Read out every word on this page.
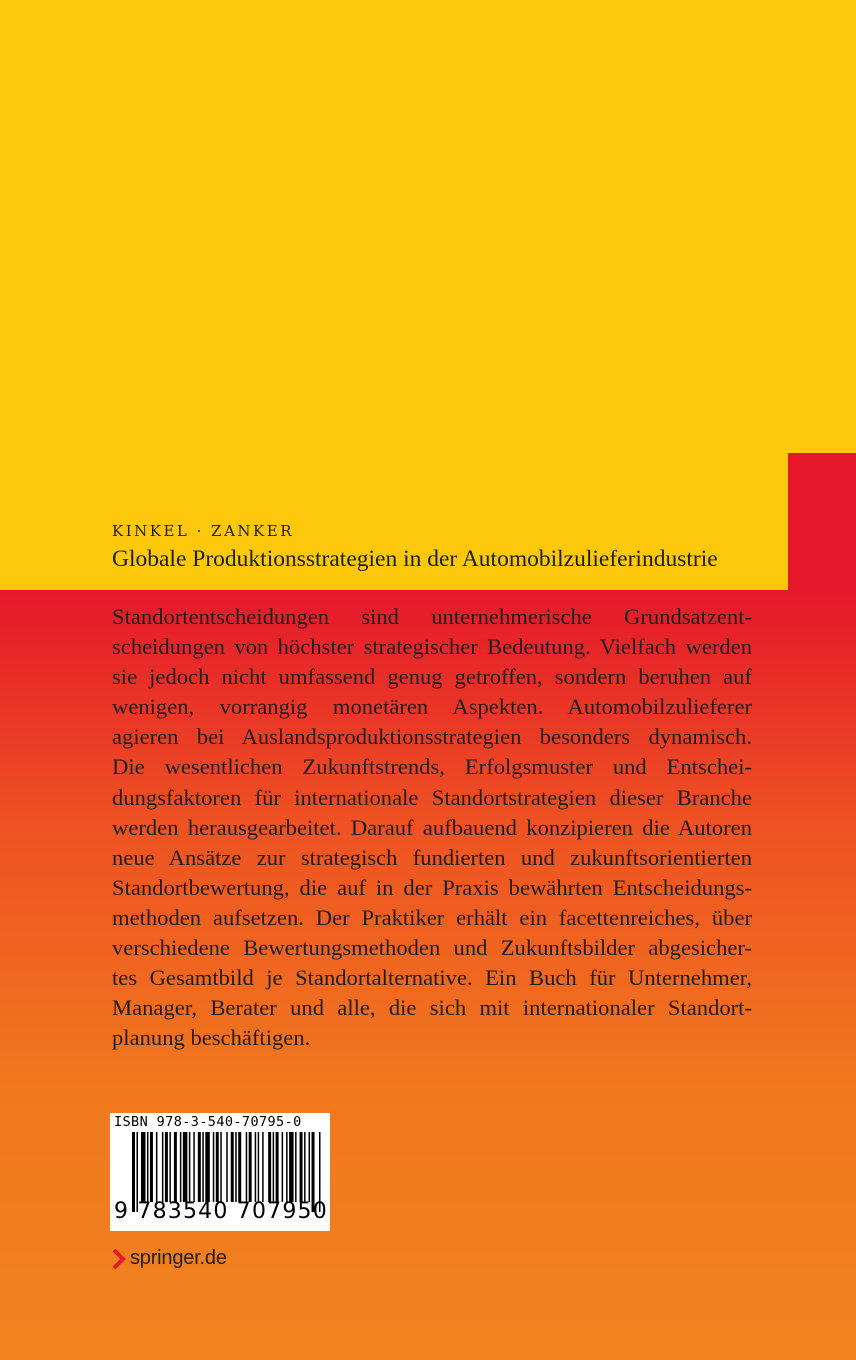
KINKEL · ZANKER
Globale Produktionsstrategien in der Automobilzulieferindustrie
Standortentscheidungen sind unternehmerische Grundsatzent-
scheidungen von höchster strategischer Bedeutung. Vielfach werden
sie jedoch nicht umfassend genug getroffen, sondern beruhen auf
wenigen, vorrangig monetären Aspekten. Automobilzulieferer
agieren bei Auslandsproduktionsstrategien besonders dynamisch.
Die wesentlichen Zukunftstrends, Erfolgsmuster und Entschei-
dungsfaktoren für internationale Standortstrategien dieser Branche
werden herausgearbeitet. Darauf aufbauend konzipieren die Autoren
neue Ansätze zur strategisch fundierten und zukunftsorientierten
Standortbewertung, die auf in der Praxis bewährten Entscheidungs-
methoden aufsetzen. Der Praktiker erhält ein facettenreiches, über
verschiedene Bewertungsmethoden und Zukunftsbilder abgesicher-
tes Gesamtbild je Standortalternative. Ein Buch für Unternehmer,
Manager, Berater und alle, die sich mit internationaler Standort-
planung beschäftigen.
ISBN 978-3-540-70795-0
9 783540 707950
springer.de
